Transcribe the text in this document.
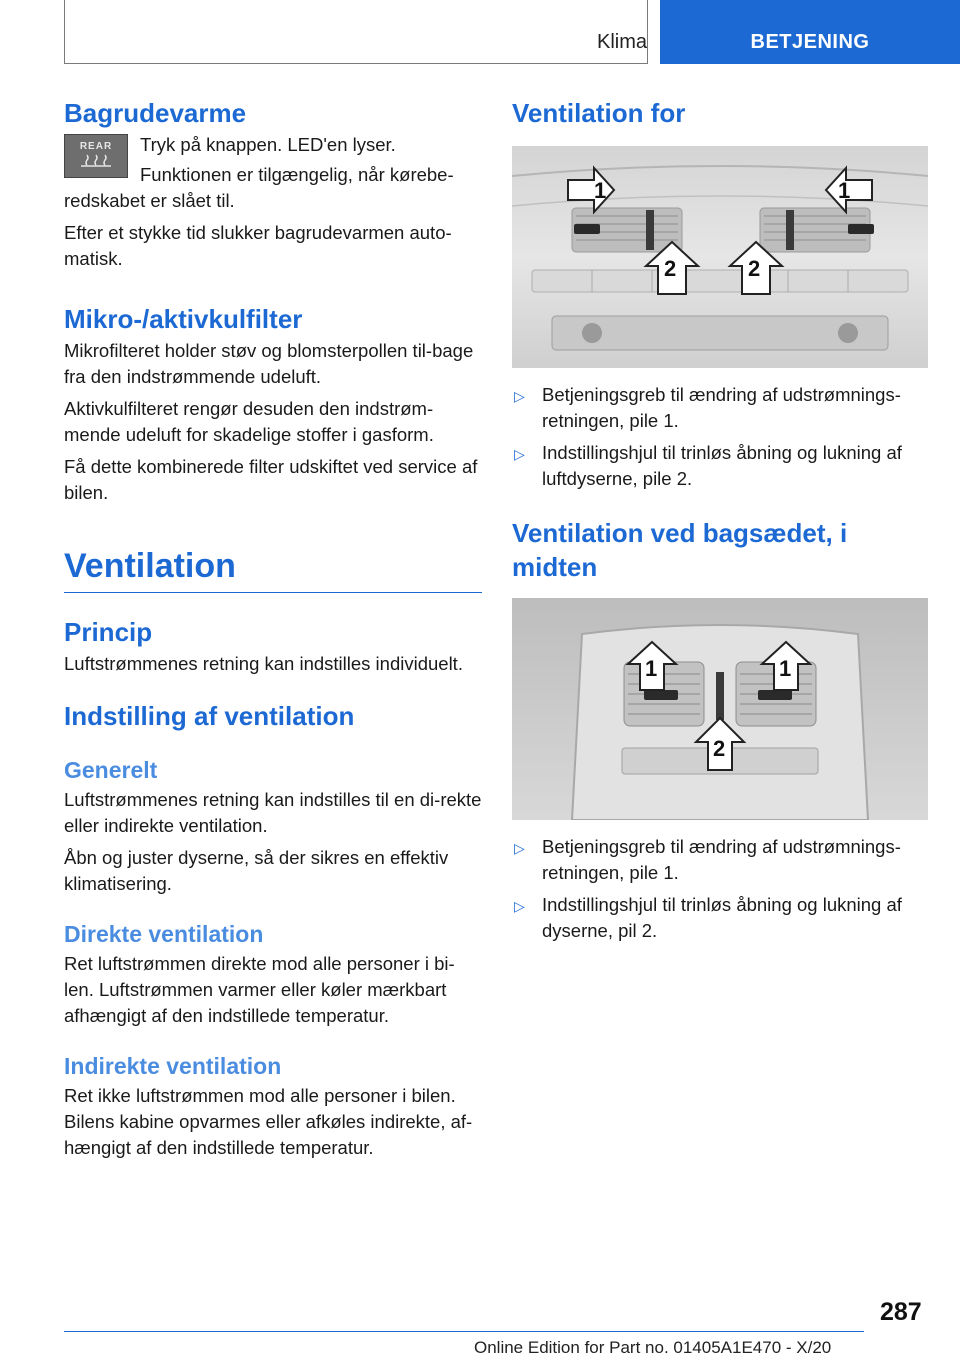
Klima	BETJENING
Bagrudevarme
REAR	Tryk på knappen. LED'en lyser.

Funktionen er tilgængelig, når kørebe-

redskabet er slået til.

Efter et stykke tid slukker bagrudevarmen auto-matisk.

Mikro-/aktivkulfilter

Mikrofilteret holder støv og blomsterpollen til-bage fra den indstrømmende udeluft.

Aktivkulfilteret rengør desuden den indstrøm-mende udeluft for skadelige stoffer i gasform.

Få dette kombinerede filter udskiftet ved service af bilen.

Ventilation
Princip

Luftstrømmenes retning kan indstilles individuelt.

Indstilling af ventilation
Generelt

Luftstrømmenes retning kan indstilles til en di-rekte eller indirekte ventilation.

Åbn og juster dyserne, så der sikres en effektiv klimatisering.

Direkte ventilation

Ret luftstrømmen direkte mod alle personer i bi-len. Luftstrømmen varmer eller køler mærkbart afhængigt af den indstillede temperatur.

Indirekte ventilation

Ret ikke luftstrømmen mod alle personer i bilen. Bilens kabine opvarmes eller afkøles indirekte, af-hængigt af den indstillede temperatur.

Ventilation for
1	1
2	2
▷ Betjeningsgreb til ændring af udstrømnings-retningen, pile 1.
▷ Indstillingshjul til trinløs åbning og lukning af luftdyserne, pile 2.
Ventilation ved bagsædet, i midten
1	1
2
▷ Betjeningsgreb til ændring af udstrømnings-retningen, pile 1.
▷ Indstillingshjul til trinløs åbning og lukning af dyserne, pil 2.
287
Online Edition for Part no. 01405A1E470 - X/20
